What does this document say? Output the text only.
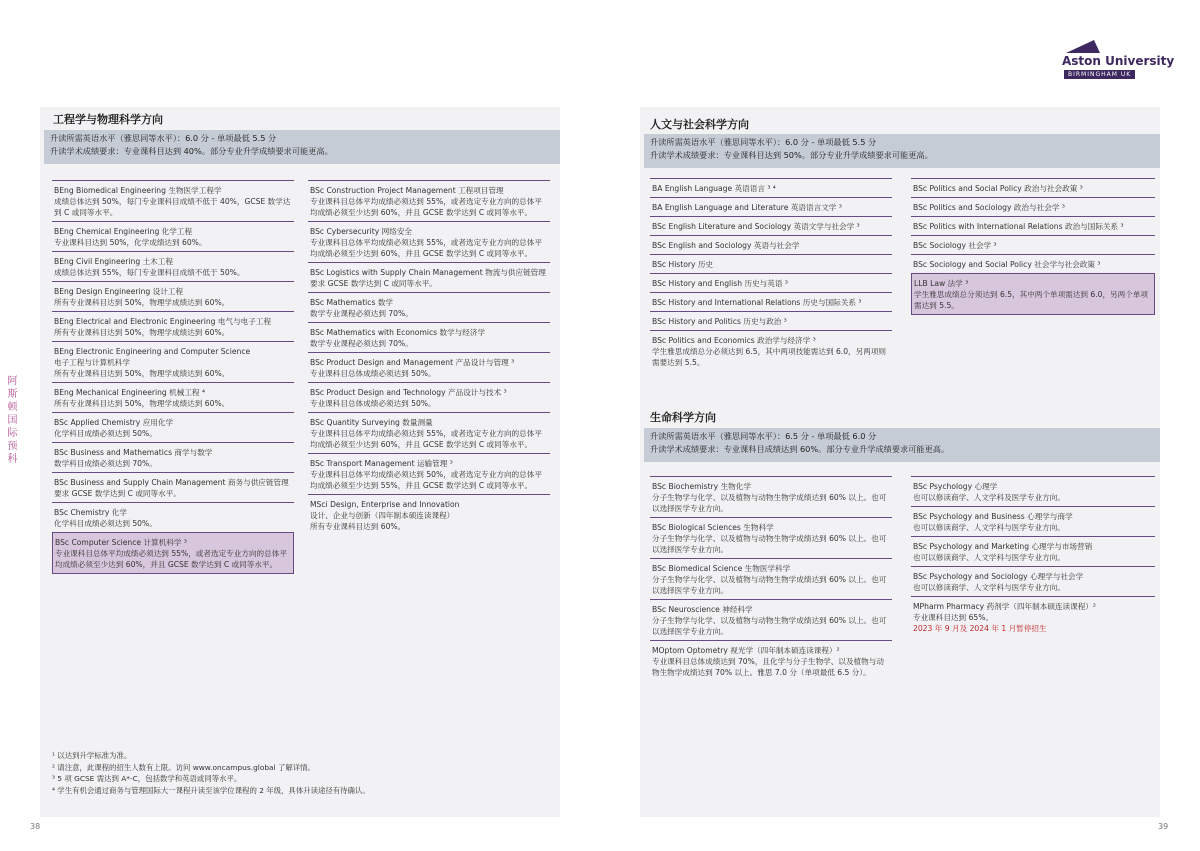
Aston University
BIRMINGHAM UK
阿斯顿国际预科
工程学与物理科学方向
升读所需英语水平（雅思同等水平）：6.0 分 - 单项最低 5.5 分
升读学术成绩要求：专业课科目达到 40%。部分专业升学成绩要求可能更高。
BEng Biomedical Engineering 生物医学工程学
成绩总体达到 50%，每门专业课科目成绩不低于 40%，GCSE 数学达到 C 或同等水平。
BEng Chemical Engineering 化学工程
专业课科目达到 50%，化学成绩达到 60%。
BEng Civil Engineering 土木工程
成绩总体达到 55%，每门专业课科目成绩不低于 50%。
BEng Design Engineering 设计工程
所有专业课科目达到 50%，物理学成绩达到 60%。
BEng Electrical and Electronic Engineering 电气与电子工程
所有专业课科目达到 50%，物理学成绩达到 60%。
BEng Electronic Engineering and Computer Science
电子工程与计算机科学
所有专业课科目达到 50%，物理学成绩达到 60%。
BEng Mechanical Engineering 机械工程 ⁴
所有专业课科目达到 50%，物理学成绩达到 60%。
BSc Applied Chemistry 应用化学
化学科目成绩必须达到 50%。
BSc Business and Mathematics 商学与数学
数学科目成绩必须达到 70%。
BSc Business and Supply Chain Management 商务与供应链管理
要求 GCSE 数学达到 C 或同等水平。
BSc Chemistry 化学
化学科目成绩必须达到 50%。
BSc Computer Science 计算机科学 ³
专业课科目总体平均成绩必须达到 55%，或者选定专业方向的总体平均成绩必须至少达到 60%，并且 GCSE 数学达到 C 或同等水平。
BSc Construction Project Management 工程项目管理
专业课科目总体平均成绩必须达到 55%，或者选定专业方向的总体平均成绩必须至少达到 60%，并且 GCSE 数学达到 C 或同等水平。
BSc Cybersecurity 网络安全
专业课科目总体平均成绩必须达到 55%，或者选定专业方向的总体平均成绩必须至少达到 60%，并且 GCSE 数学达到 C 或同等水平。
BSc Logistics with Supply Chain Management 物流与供应链管理
要求 GCSE 数学达到 C 或同等水平。
BSc Mathematics 数学
数学专业课程必须达到 70%。
BSc Mathematics with Economics 数学与经济学
数学专业课程必须达到 70%。
BSc Product Design and Management 产品设计与管理 ³
专业课科目总体成绩必须达到 50%。
BSc Product Design and Technology 产品设计与技术 ³
专业课科目总体成绩必须达到 50%。
BSc Quantity Surveying 数量测量
专业课科目总体平均成绩必须达到 55%，或者选定专业方向的总体平均成绩必须至少达到 60%，并且 GCSE 数学达到 C 或同等水平。
BSc Transport Management 运输管理 ³
专业课科目总体平均成绩必须达到 50%，或者选定专业方向的总体平均成绩必须至少达到 55%，并且 GCSE 数学达到 C 或同等水平。
MSci Design, Enterprise and Innovation
设计、企业与创新（四年制本硕连读课程）
所有专业课科目达到 60%。
¹ 以达到升学标准为准。
² 请注意，此课程的招生人数有上限。访问 www.oncampus.global 了解详情。
³ 5 项 GCSE 需达到 A*-C，包括数学和英语或同等水平。
⁴ 学生有机会通过商务与管理国际大一课程升读至该学位课程的 2 年级，具体升读途径有待确认。
38
人文与社会科学方向
升读所需英语水平（雅思同等水平）：6.0 分 - 单项最低 5.5 分
升读学术成绩要求：专业课科目达到 50%。部分专业升学成绩要求可能更高。
BA English Language 英语语言 ³ ⁴
BA English Language and Literature 英语语言文学 ³
BSc English Literature and Sociology 英语文学与社会学 ³
BSc English and Sociology 英语与社会学
BSc History 历史
BSc History and English 历史与英语 ³
BSc History and International Relations 历史与国际关系 ³
BSc History and Politics 历史与政治 ³
BSc Politics and Economics 政治学与经济学 ³
学生雅思成绩总分必须达到 6.5，其中两项技能需达到 6.0，另两项则需要达到 5.5。
BSc Politics and Social Policy 政治与社会政策 ³
BSc Politics and Sociology 政治与社会学 ³
BSc Politics with International Relations 政治与国际关系 ³
BSc Sociology 社会学 ³
BSc Sociology and Social Policy 社会学与社会政策 ³
LLB Law 法学 ³
学生雅思成绩总分须达到 6.5，其中两个单项需达到 6.0，另两个单项需达到 5.5。
生命科学方向
升读所需英语水平（雅思同等水平）：6.5 分 - 单项最低 6.0 分
升读学术成绩要求：专业课科目成绩达到 60%。部分专业升学成绩要求可能更高。
BSc Biochemistry 生物化学
分子生物学与化学、以及植物与动物生物学成绩达到 60% 以上。也可以选择医学专业方向。
BSc Biological Sciences 生物科学
分子生物学与化学、以及植物与动物生物学成绩达到 60% 以上。也可以选择医学专业方向。
BSc Biomedical Science 生物医学科学
分子生物学与化学、以及植物与动物生物学成绩达到 60% 以上。也可以选择医学专业方向。
BSc Neuroscience 神经科学
分子生物学与化学、以及植物与动物生物学成绩达到 60% 以上。也可以选择医学专业方向。
MOptom Optometry 视光学（四年制本硕连读课程）²
专业课科目总体成绩达到 70%，且化学与分子生物学、以及植物与动物生物学成绩达到 70% 以上。雅思 7.0 分（单项最低 6.5 分）。
BSc Psychology 心理学
也可以修读商学、人文学科及医学专业方向。
BSc Psychology and Business 心理学与商学
也可以修读商学、人文学科与医学专业方向。
BSc Psychology and Marketing 心理学与市场营销
也可以修读商学、人文学科与医学专业方向。
BSc Psychology and Sociology 心理学与社会学
也可以修读商学、人文学科与医学专业方向。
MPharm Pharmacy 药剂学（四年制本硕连读课程）²
专业课科目达到 65%。
2023 年 9 月及 2024 年 1 月暂停招生
39
